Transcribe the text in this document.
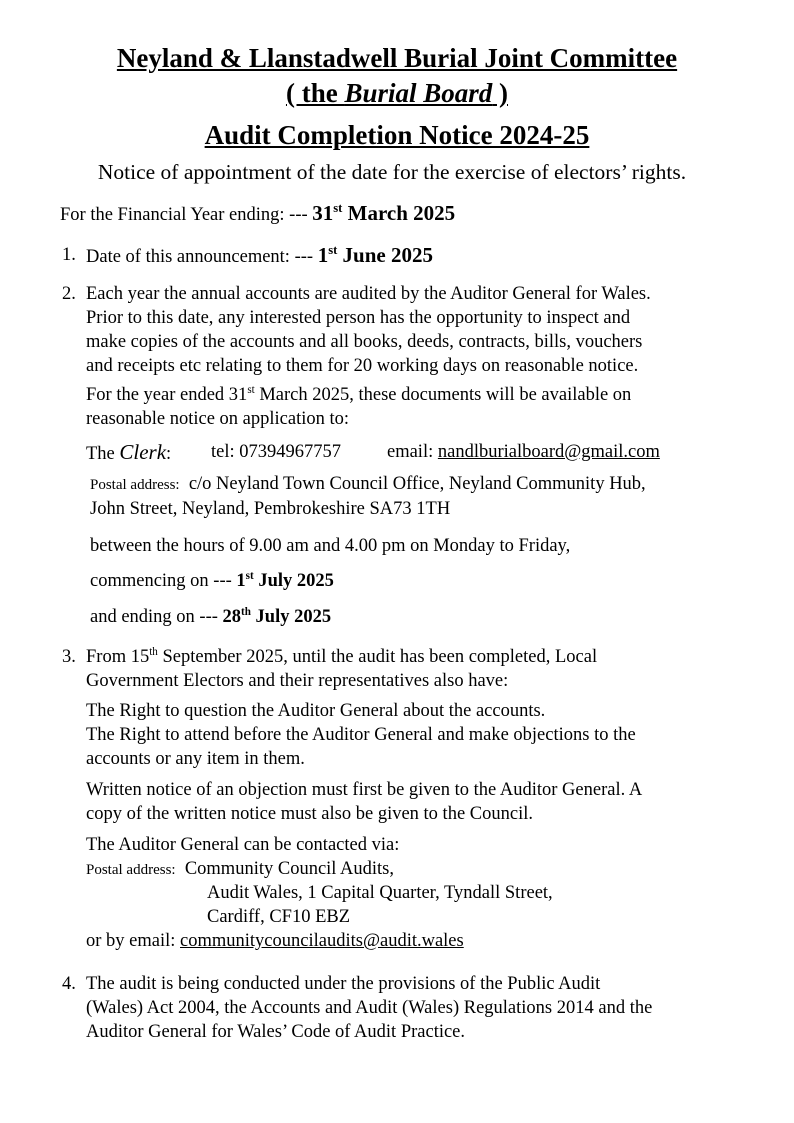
Neyland & Llanstadwell Burial Joint Committee
( the Burial Board )
Audit Completion Notice 2024-25
Notice of appointment of the date for the exercise of electors’ rights.
For the Financial Year ending: --- 31st March 2025
1. Date of this announcement: --- 1st June 2025
2. Each year the annual accounts are audited by the Auditor General for Wales.
Prior to this date, any interested person has the opportunity to inspect and
make copies of the accounts and all books, deeds, contracts, bills, vouchers
and receipts etc relating to them for 20 working days on reasonable notice.
For the year ended 31st March 2025, these documents will be available on
reasonable notice on application to:
The Clerk: tel: 07394967757 email: nandlburialboard@gmail.com
Postal address: c/o Neyland Town Council Office, Neyland Community Hub,
John Street, Neyland, Pembrokeshire SA73 1TH
between the hours of 9.00 am and 4.00 pm on Monday to Friday,
commencing on --- 1st July 2025
and ending on --- 28th July 2025
3. From 15th September 2025, until the audit has been completed, Local
Government Electors and their representatives also have:
The Right to question the Auditor General about the accounts.
The Right to attend before the Auditor General and make objections to the
accounts or any item in them.
Written notice of an objection must first be given to the Auditor General. A
copy of the written notice must also be given to the Council.
The Auditor General can be contacted via:
Postal address: Community Council Audits,
Audit Wales, 1 Capital Quarter, Tyndall Street,
Cardiff, CF10 EBZ
or by email: communitycouncilaudits@audit.wales
4. The audit is being conducted under the provisions of the Public Audit
(Wales) Act 2004, the Accounts and Audit (Wales) Regulations 2014 and the
Auditor General for Wales’ Code of Audit Practice.
